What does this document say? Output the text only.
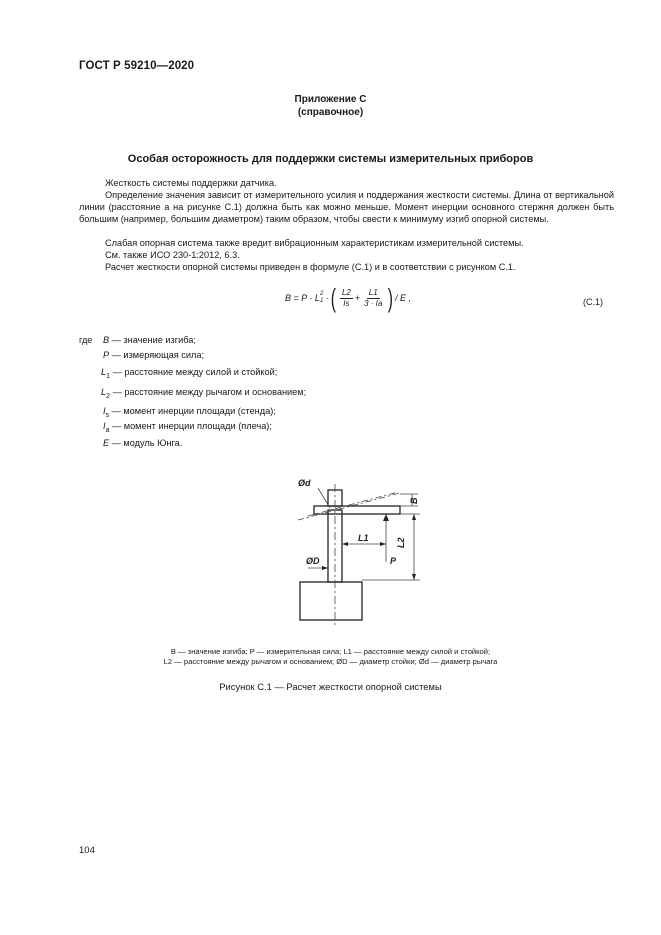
ГОСТ Р 59210—2020
Приложение С
(справочное)
Особая осторожность для поддержки системы измерительных приборов
Жесткость системы поддержки датчика.
Определение значения зависит от измерительного усилия и поддержания жесткости системы. Длина от вертикальной линии (расстояние a на рисунке С.1) должна быть как можно меньше. Момент инерции основного стержня должен быть большим (например, большим диаметром) таким образом, чтобы свести к минимуму изгиб опорной системы.
Слабая опорная система также вредит вибрационным характеристикам измерительной системы.
См. также ИСО 230-1:2012, 6.3.
Расчет жесткости опорной системы приведен в формуле (С.1) и в соответствии с рисунком С.1.
B = P · L 2
1 · ( $\frac{L2}{Is} + \frac{L1}{3 \cdot Ia}$ ) / E ,	(С.1)
где B — значение изгиба;
P — измеряющая сила;
$L_1$ — расстояние между силой и стойкой;
$L_2$ — расстояние между рычагом и основанием;
$I_s$ — момент инерции площади (стенда);
$I_a$ — момент инерции площади (плеча);
E — модуль Юнга.
Ød
ØD
L1
P
L2
B
B — значение изгиба; P — измерительная сила; L1 — расстояние между силой и стойкой;
L2 — расстояние между рычагом и основанием; ØD — диаметр стойки; Ød — диаметр рычага
Рисунок С.1 — Расчет жесткости опорной системы
104
